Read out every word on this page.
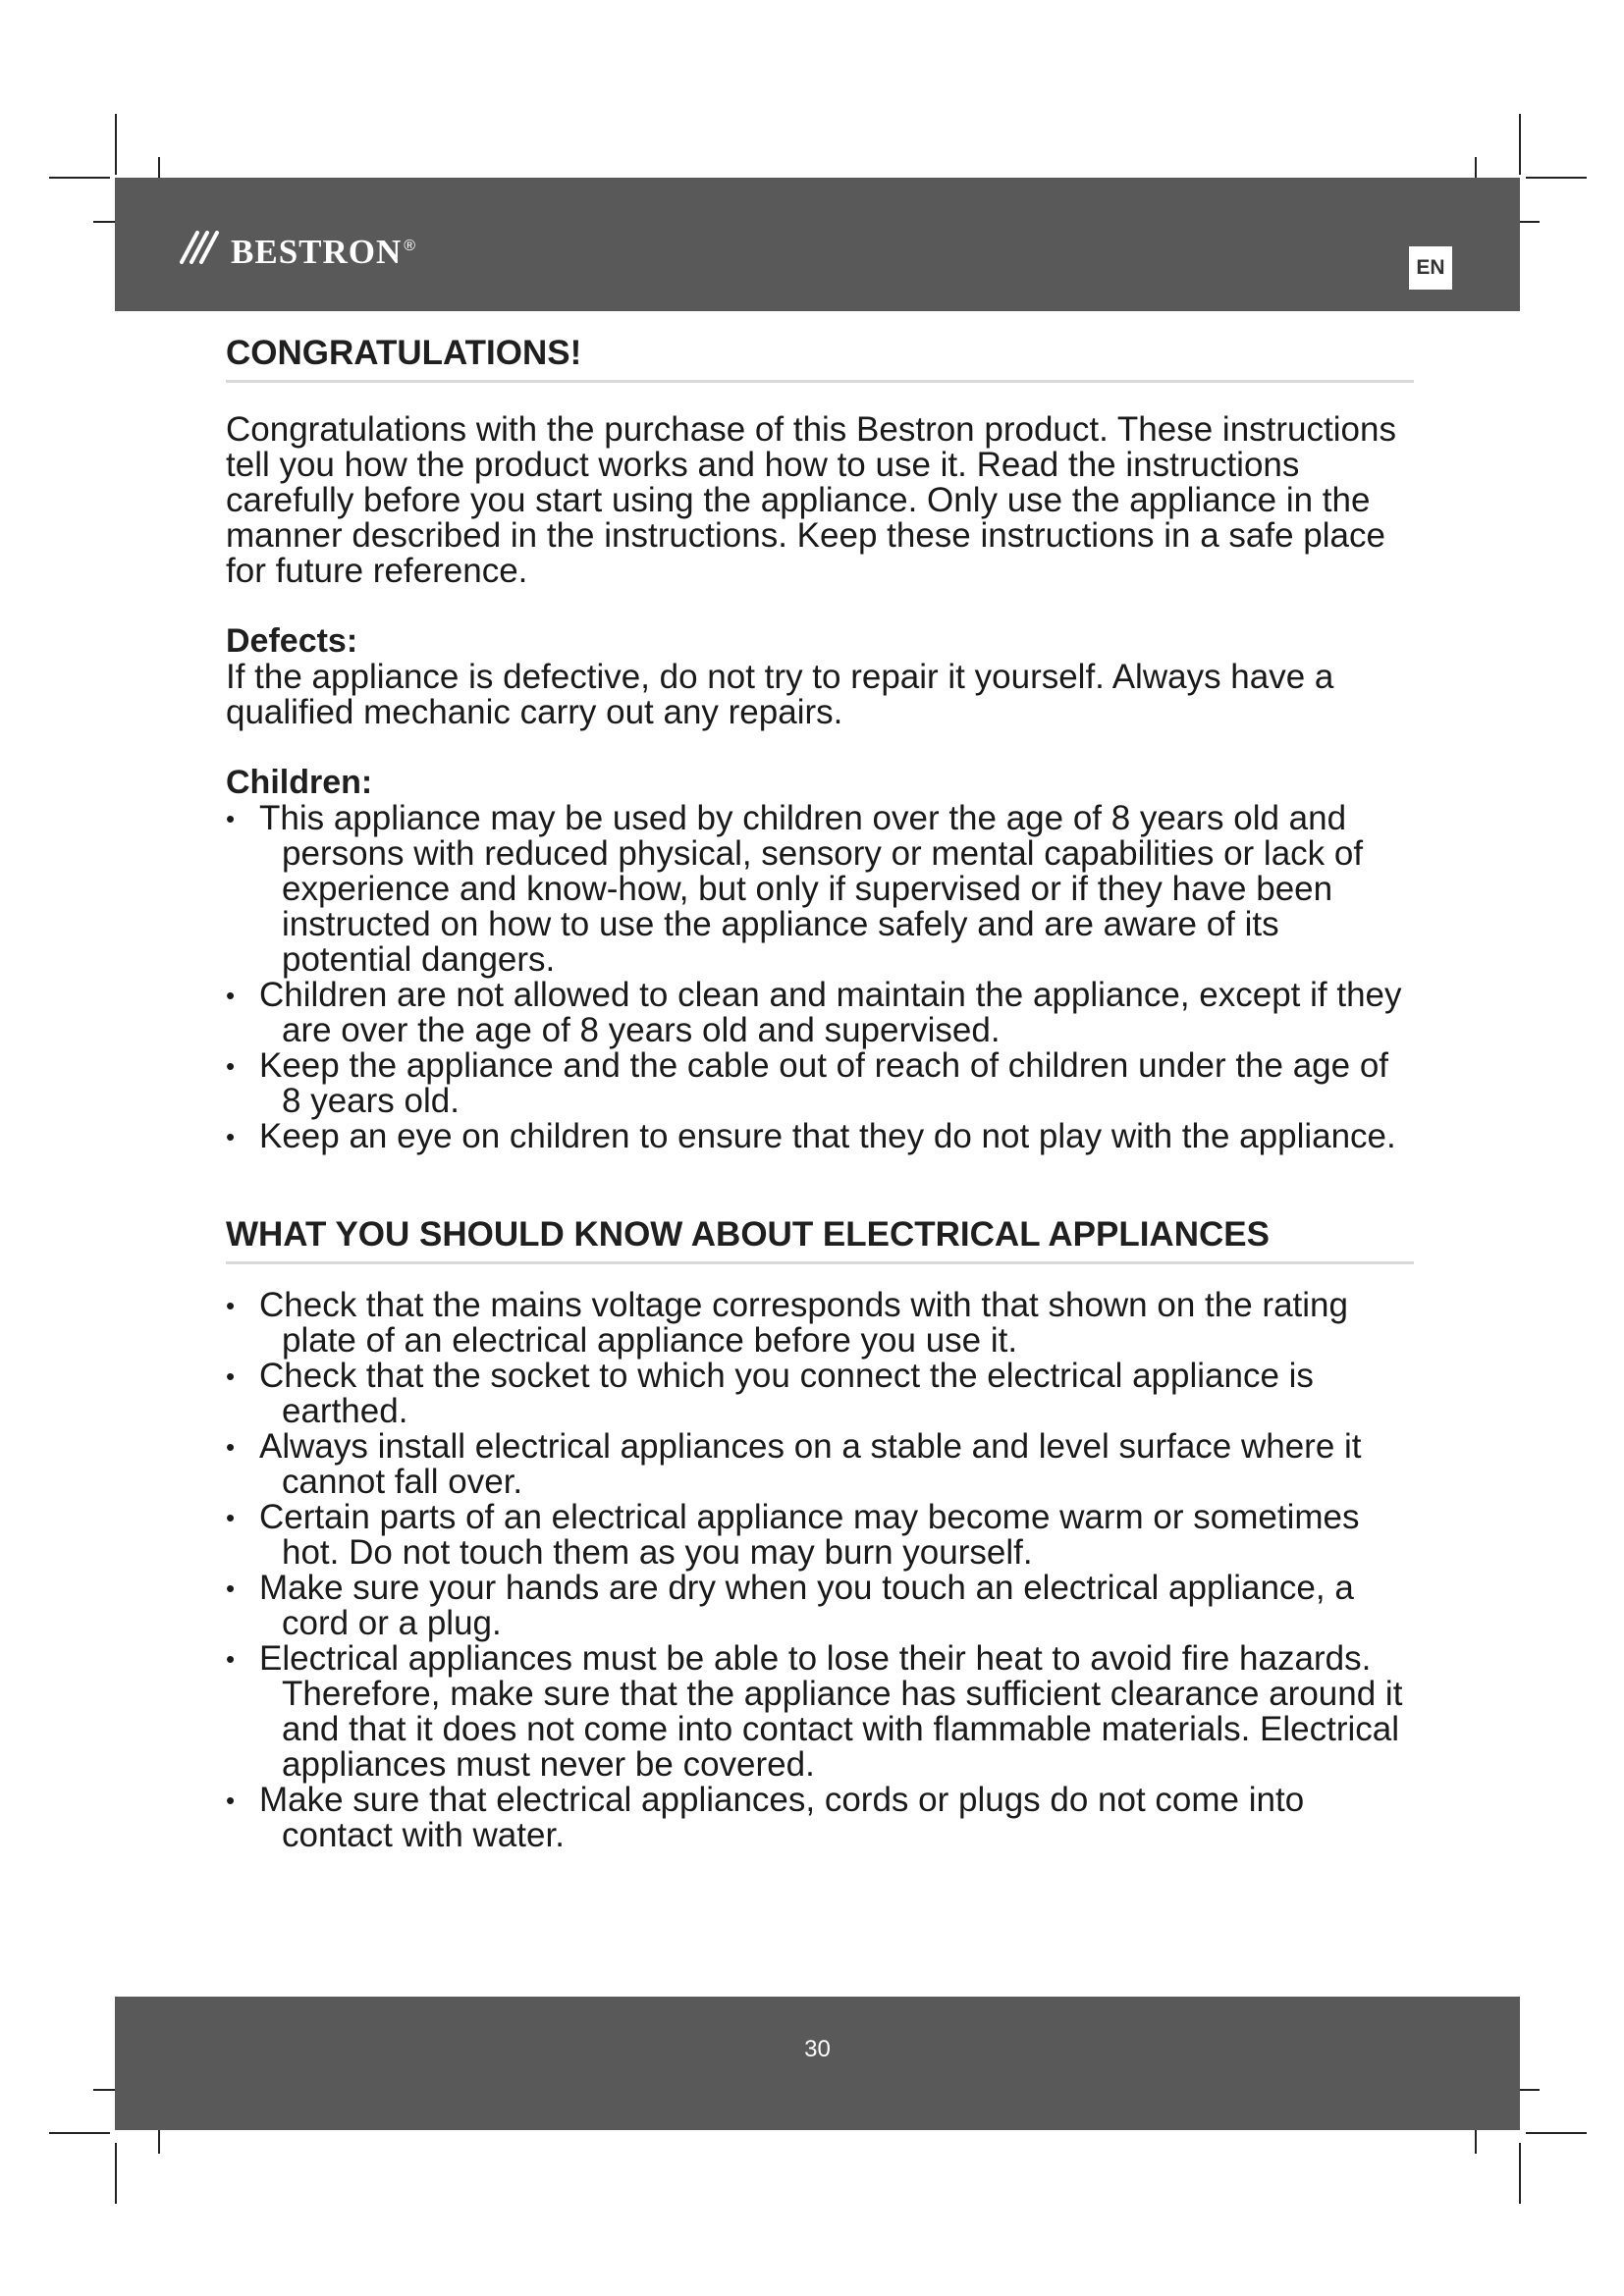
bestron ®
EN
CONGRATULATIONS!

Congratulations with the purchase of this Bestron product. These instructions tell you how the product works and how to use it. Read the instructions carefully before you start using the appliance. Only use the appliance in the manner described in the instructions. Keep these instructions in a safe place for future reference.

Defects:

If the appliance is defective, do not try to repair it yourself. Always have a qualified mechanic carry out any repairs.

Children:
• This appliance may be used by children over the age of 8 years old and persons with reduced physical, sensory or mental capabilities or lack of experience and know-how, but only if supervised or if they have been instructed on how to use the appliance safely and are aware of its potential dangers.
• Children are not allowed to clean and maintain the appliance, except if they are over the age of 8 years old and supervised.
• Keep the appliance and the cable out of reach of children under the age of 8 years old.
• Keep an eye on children to ensure that they do not play with the appliance.
WHAT YOU SHOULD KNOW ABOUT ELECTRICAL APPLIANCES
• Check that the mains voltage corresponds with that shown on the rating plate of an electrical appliance before you use it.
• Check that the socket to which you connect the electrical appliance is earthed.
• Always install electrical appliances on a stable and level surface where it cannot fall over.
• Certain parts of an electrical appliance may become warm or sometimes hot. Do not touch them as you may burn yourself.
• Make sure your hands are dry when you touch an electrical appliance, a cord or a plug.
• Electrical appliances must be able to lose their heat to avoid fire hazards. Therefore, make sure that the appliance has sufficient clearance around it and that it does not come into contact with flammable materials. Electrical appliances must never be covered.
• Make sure that electrical appliances, cords or plugs do not come into contact with water.
30
